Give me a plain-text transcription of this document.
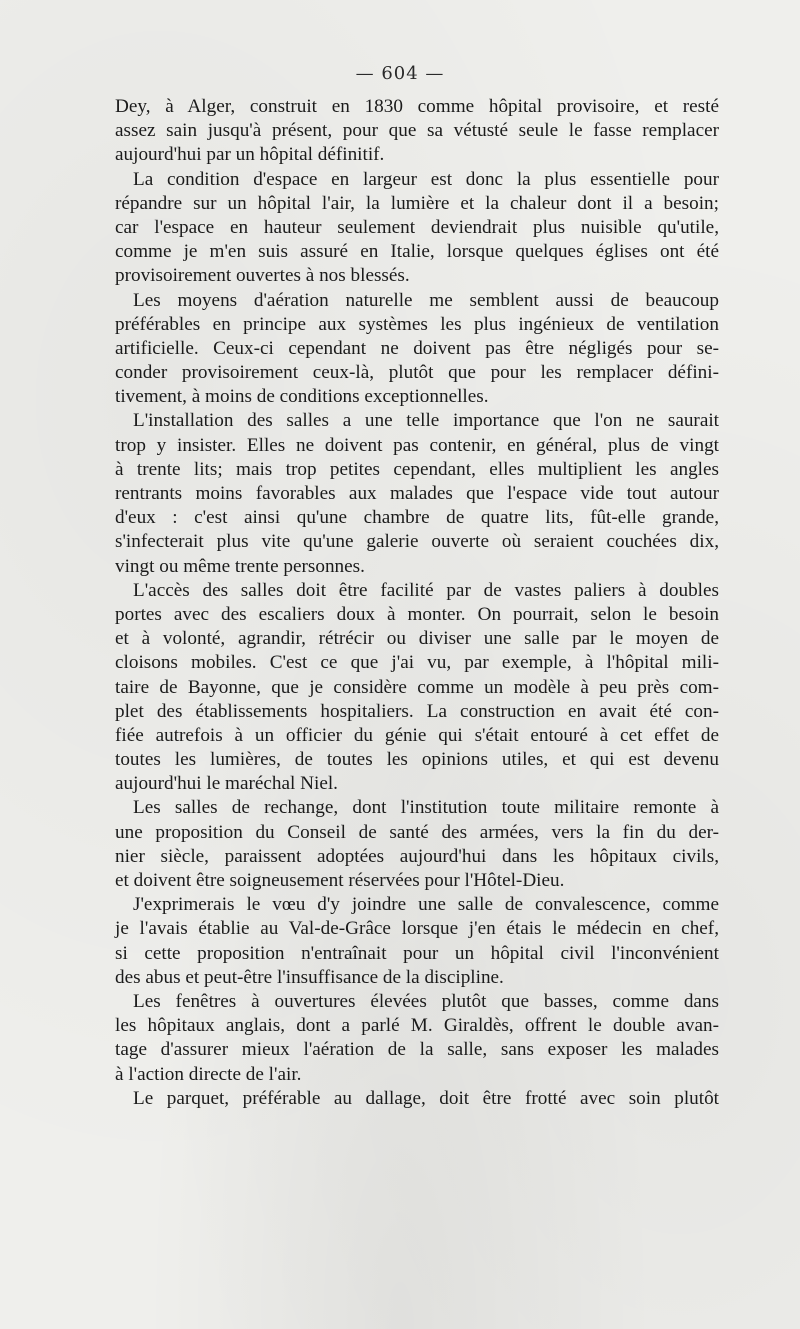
— 604 —
Dey, à Alger, construit en 1830 comme hôpital provisoire, et resté
assez sain jusqu'à présent, pour que sa vétusté seule le fasse remplacer
aujourd'hui par un hôpital définitif.
La condition d'espace en largeur est donc la plus essentielle pour
répandre sur un hôpital l'air, la lumière et la chaleur dont il a besoin;
car l'espace en hauteur seulement deviendrait plus nuisible qu'utile,
comme je m'en suis assuré en Italie, lorsque quelques églises ont été
provisoirement ouvertes à nos blessés.
Les moyens d'aération naturelle me semblent aussi de beaucoup
préférables en principe aux systèmes les plus ingénieux de ventilation
artificielle. Ceux-ci cependant ne doivent pas être négligés pour se-
conder provisoirement ceux-là, plutôt que pour les remplacer défini-
tivement, à moins de conditions exceptionnelles.
L'installation des salles a une telle importance que l'on ne saurait
trop y insister. Elles ne doivent pas contenir, en général, plus de vingt
à trente lits; mais trop petites cependant, elles multiplient les angles
rentrants moins favorables aux malades que l'espace vide tout autour
d'eux : c'est ainsi qu'une chambre de quatre lits, fût-elle grande,
s'infecterait plus vite qu'une galerie ouverte où seraient couchées dix,
vingt ou même trente personnes.
L'accès des salles doit être facilité par de vastes paliers à doubles
portes avec des escaliers doux à monter. On pourrait, selon le besoin
et à volonté, agrandir, rétrécir ou diviser une salle par le moyen de
cloisons mobiles. C'est ce que j'ai vu, par exemple, à l'hôpital mili-
taire de Bayonne, que je considère comme un modèle à peu près com-
plet des établissements hospitaliers. La construction en avait été con-
fiée autrefois à un officier du génie qui s'était entouré à cet effet de
toutes les lumières, de toutes les opinions utiles, et qui est devenu
aujourd'hui le maréchal Niel.
Les salles de rechange, dont l'institution toute militaire remonte à
une proposition du Conseil de santé des armées, vers la fin du der-
nier siècle, paraissent adoptées aujourd'hui dans les hôpitaux civils,
et doivent être soigneusement réservées pour l'Hôtel-Dieu.
J'exprimerais le vœu d'y joindre une salle de convalescence, comme
je l'avais établie au Val-de-Grâce lorsque j'en étais le médecin en chef,
si cette proposition n'entraînait pour un hôpital civil l'inconvénient
des abus et peut-être l'insuffisance de la discipline.
Les fenêtres à ouvertures élevées plutôt que basses, comme dans
les hôpitaux anglais, dont a parlé M. Giraldès, offrent le double avan-
tage d'assurer mieux l'aération de la salle, sans exposer les malades
à l'action directe de l'air.
Le parquet, préférable au dallage, doit être frotté avec soin plutôt
